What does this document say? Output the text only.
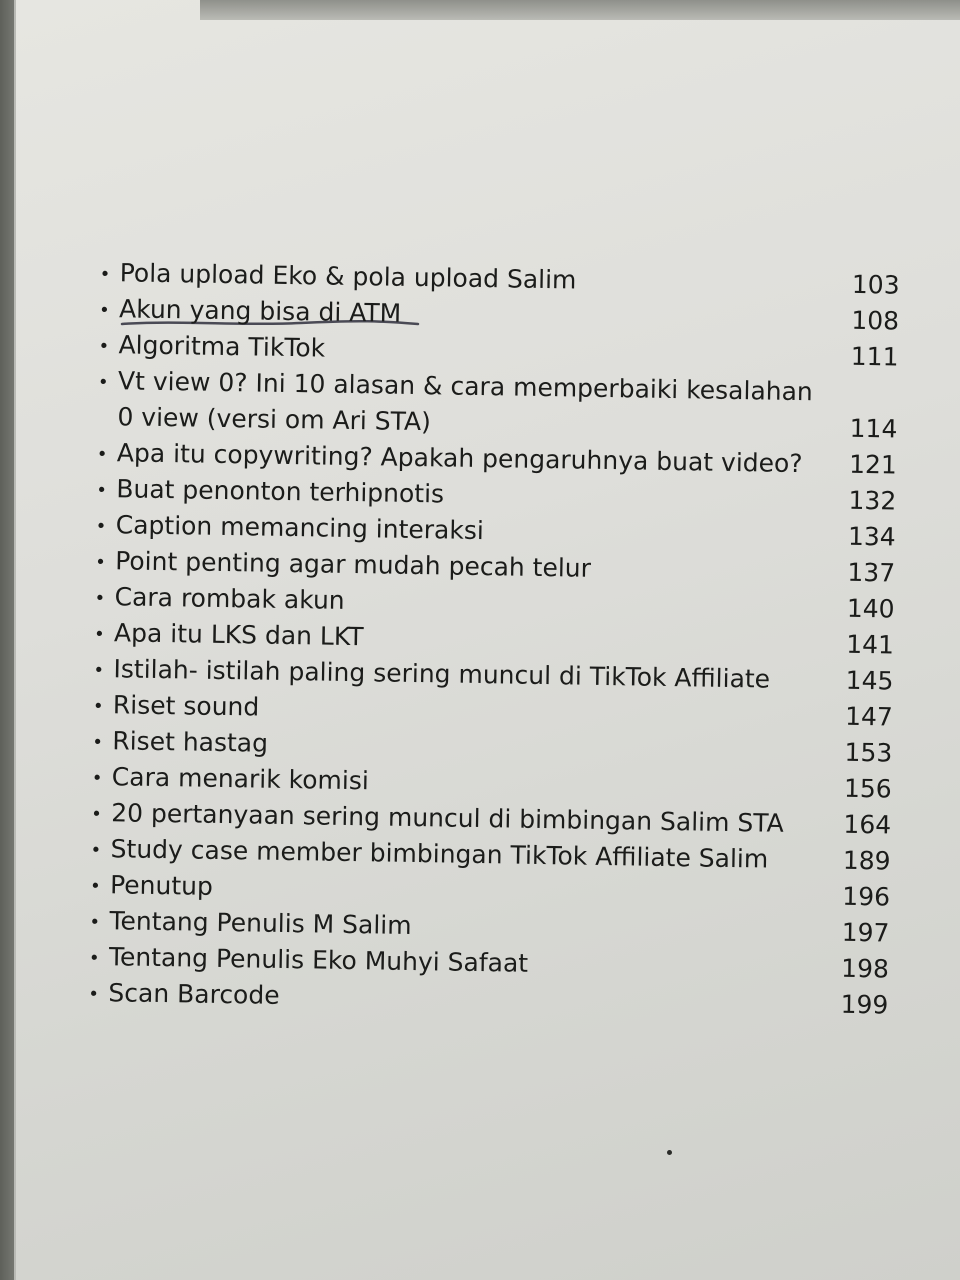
• Pola upload Eko & pola upload Salim	103
• Akun yang bisa di ATM	108
• Algoritma TikTok	111
• Vt view 0? Ini 10 alasan & cara memperbaiki kesalahan
0 view (versi om Ari STA)	114
• Apa itu copywriting? Apakah pengaruhnya buat video?	121
• Buat penonton terhipnotis	132
• Caption memancing interaksi	134
• Point penting agar mudah pecah telur	137
• Cara rombak akun	140
• Apa itu LKS dan LKT	141
• Istilah- istilah paling sering muncul di TikTok Affiliate	145
• Riset sound	147
• Riset hastag	153
• Cara menarik komisi	156
• 20 pertanyaan sering muncul di bimbingan Salim STA	164
• Study case member bimbingan TikTok Affiliate Salim	189
• Penutup	196
• Tentang Penulis M Salim	197
• Tentang Penulis Eko Muhyi Safaat	198
• Scan Barcode	199
